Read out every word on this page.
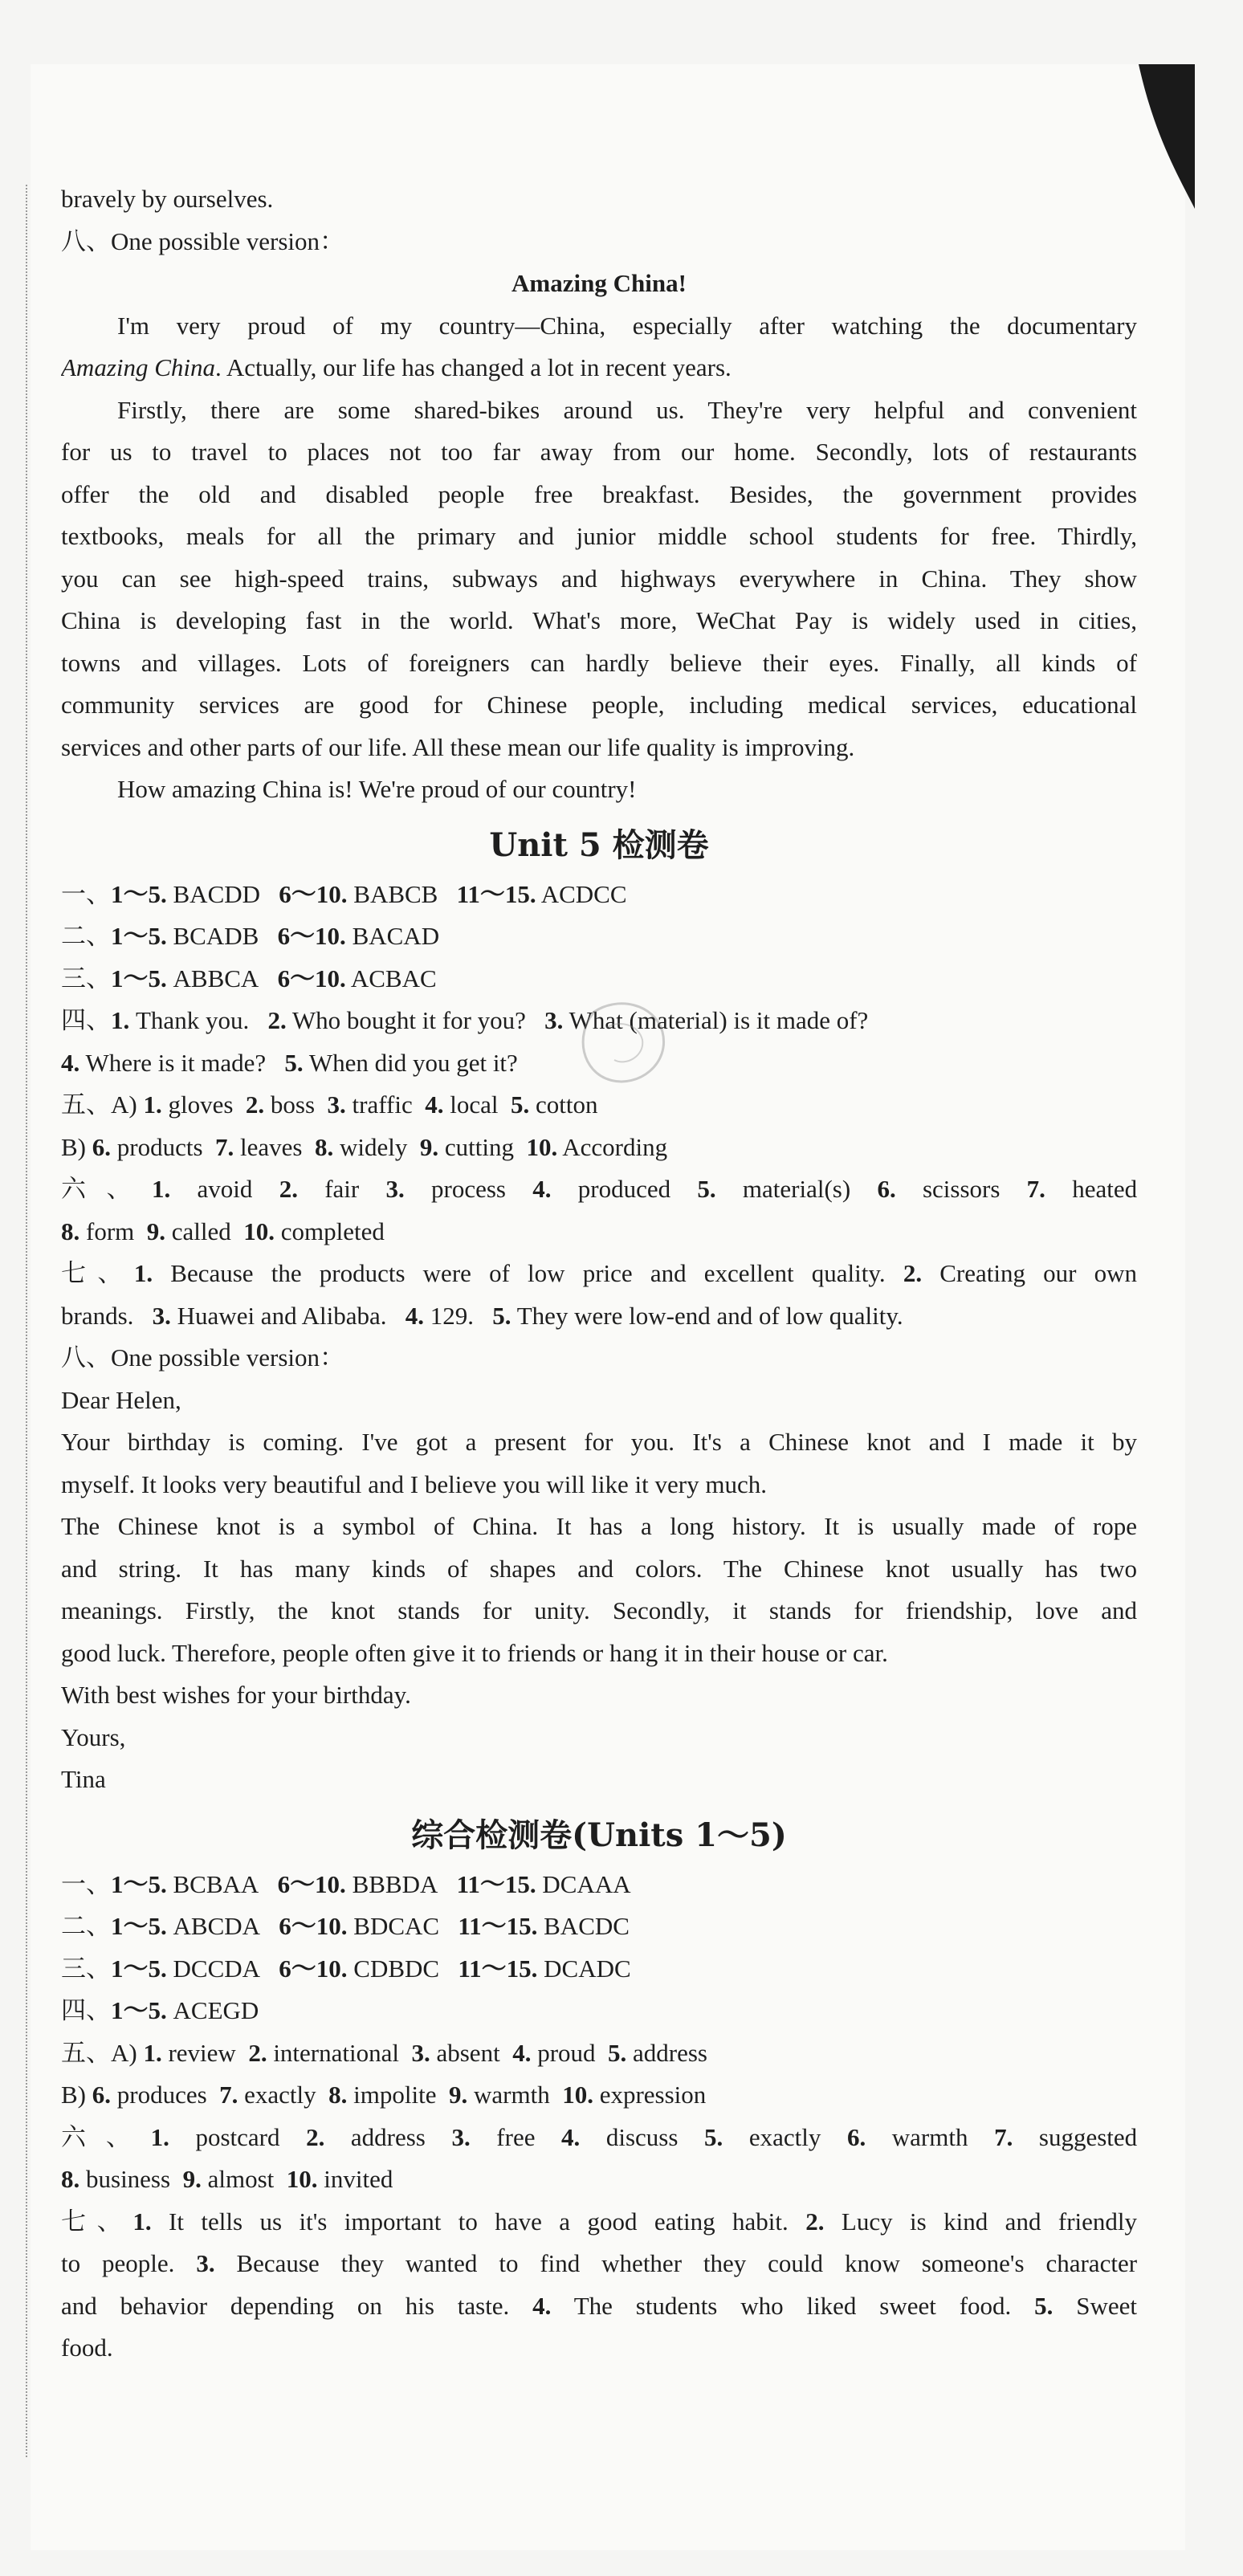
bravely by ourselves.
八、One possible version：
Amazing China!
I'm very proud of my country—China, especially after watching the documentary
Amazing China. Actually, our life has changed a lot in recent years.
Firstly, there are some shared-bikes around us. They're very helpful and convenient
for us to travel to places not too far away from our home. Secondly, lots of restaurants
offer the old and disabled people free breakfast. Besides, the government provides
textbooks, meals for all the primary and junior middle school students for free. Thirdly,
you can see high-speed trains, subways and highways everywhere in China. They show
China is developing fast in the world. What's more, WeChat Pay is widely used in cities,
towns and villages. Lots of foreigners can hardly believe their eyes. Finally, all kinds of
community services are good for Chinese people, including medical services, educational
services and other parts of our life. All these mean our life quality is improving.
How amazing China is! We're proud of our country!
Unit 5 检测卷
一、1～5. BACDD 6～10. BABCB 11～15. ACDCC
二、1～5. BCADB 6～10. BACAD
三、1～5. ABBCA 6～10. ACBAC
四、1. Thank you. 2. Who bought it for you? 3. What (material) is it made of?
4. Where is it made? 5. When did you get it?
五、A) 1. gloves 2. boss 3. traffic 4. local 5. cotton
B) 6. products 7. leaves 8. widely 9. cutting 10. According
六、1. avoid 2. fair 3. process 4. produced 5. material(s) 6. scissors 7. heated
8. form 9. called 10. completed
七、1. Because the products were of low price and excellent quality. 2. Creating our own
brands. 3. Huawei and Alibaba. 4. 129. 5. They were low-end and of low quality.
八、One possible version：
Dear Helen,
Your birthday is coming. I've got a present for you. It's a Chinese knot and I made it by
myself. It looks very beautiful and I believe you will like it very much.
The Chinese knot is a symbol of China. It has a long history. It is usually made of rope
and string. It has many kinds of shapes and colors. The Chinese knot usually has two
meanings. Firstly, the knot stands for unity. Secondly, it stands for friendship, love and
good luck. Therefore, people often give it to friends or hang it in their house or car.
With best wishes for your birthday.
Yours,
Tina
综合检测卷(Units 1～5)
一、1～5. BCBAA 6～10. BBBDA 11～15. DCAAA
二、1～5. ABCDA 6～10. BDCAC 11～15. BACDC
三、1～5. DCCDA 6～10. CDBDC 11～15. DCADC
四、1～5. ACEGD
五、A) 1. review 2. international 3. absent 4. proud 5. address
B) 6. produces 7. exactly 8. impolite 9. warmth 10. expression
六、1. postcard 2. address 3. free 4. discuss 5. exactly 6. warmth 7. suggested
8. business 9. almost 10. invited
七、1. It tells us it's important to have a good eating habit. 2. Lucy is kind and friendly
to people. 3. Because they wanted to find whether they could know someone's character
and behavior depending on his taste. 4. The students who liked sweet food. 5. Sweet
food.
